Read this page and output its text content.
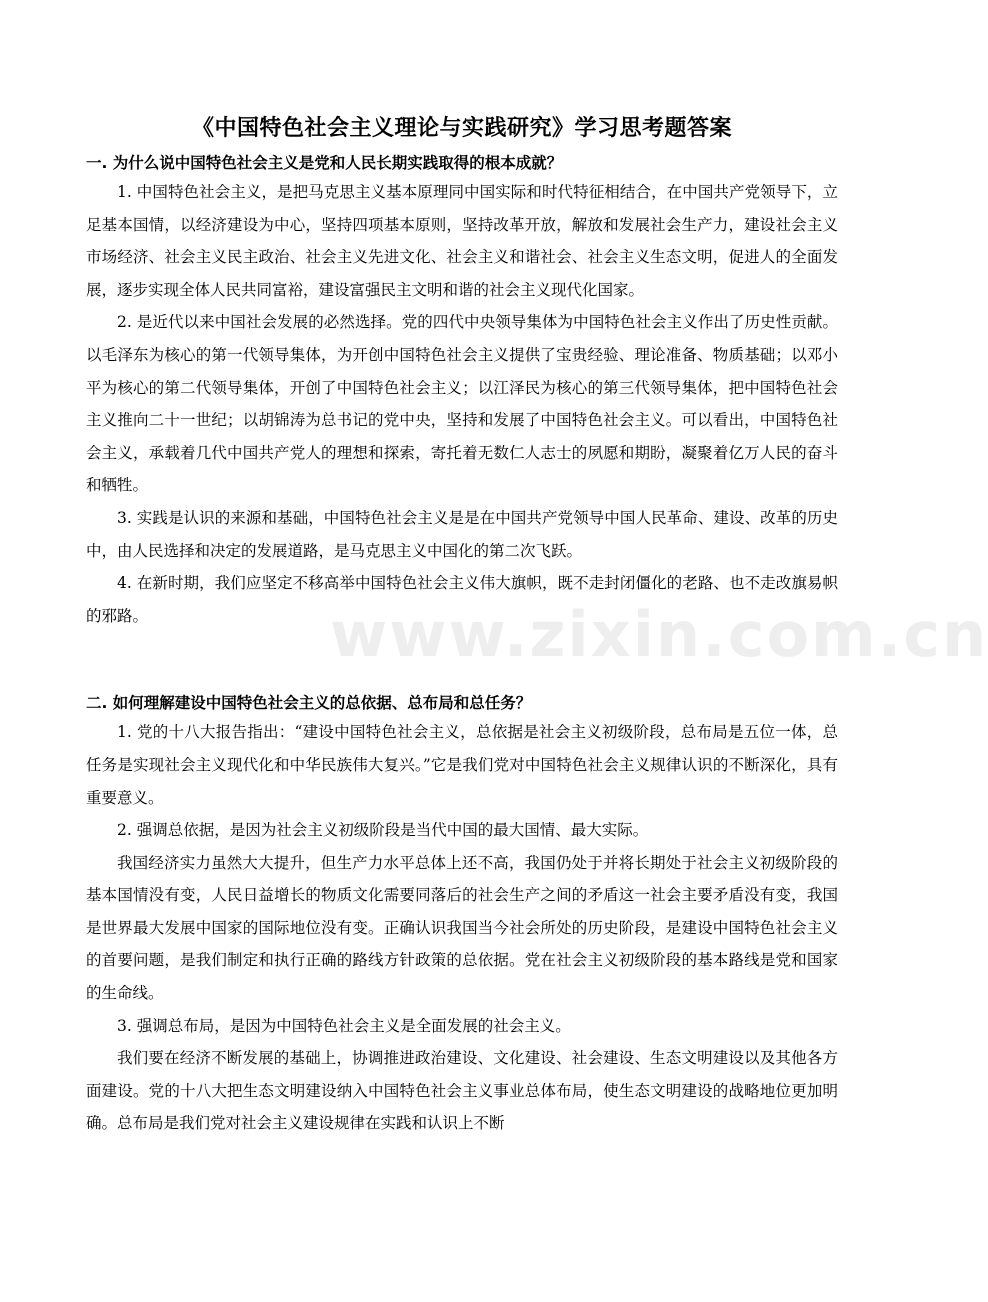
《中国特色社会主义理论与实践研究》学习思考题答案
一. 为什么说中国特色社会主义是党和人民长期实践取得的根本成就？

1. 中国特色社会主义，是把马克思主义基本原理同中国实际和时代特征相结合，在中国共产党领导下，立足基本国情，以经济建设为中心，坚持四项基本原则，坚持改革开放，解放和发展社会生产力，建设社会主义市场经济、社会主义民主政治、社会主义先进文化、社会主义和谐社会、社会主义生态文明，促进人的全面发展，逐步实现全体人民共同富裕，建设富强民主文明和谐的社会主义现代化国家。

2. 是近代以来中国社会发展的必然选择。党的四代中央领导集体为中国特色社会主义作出了历史性贡献。以毛泽东为核心的第一代领导集体，为开创中国特色社会主义提供了宝贵经验、理论准备、物质基础；以邓小平为核心的第二代领导集体，开创了中国特色社会主义；以江泽民为核心的第三代领导集体，把中国特色社会主义推向二十一世纪；以胡锦涛为总书记的党中央，坚持和发展了中国特色社会主义。可以看出，中国特色社会主义，承载着几代中国共产党人的理想和探索，寄托着无数仁人志士的夙愿和期盼，凝聚着亿万人民的奋斗和牺牲。

3. 实践是认识的来源和基础，中国特色社会主义是是在中国共产党领导中国人民革命、建设、改革的历史中，由人民选择和决定的发展道路，是马克思主义中国化的第二次飞跃。

4. 在新时期，我们应坚定不移高举中国特色社会主义伟大旗帜，既不走封闭僵化的老路、也不走改旗易帜的邪路。

二. 如何理解建设中国特色社会主义的总依据、总布局和总任务？

1. 党的十八大报告指出：“建设中国特色社会主义，总依据是社会主义初级阶段，总布局是五位一体，总任务是实现社会主义现代化和中华民族伟大复兴。”它是我们党对中国特色社会主义规律认识的不断深化，具有重要意义。

2. 强调总依据，是因为社会主义初级阶段是当代中国的最大国情、最大实际。

我国经济实力虽然大大提升，但生产力水平总体上还不高，我国仍处于并将长期处于社会主义初级阶段的基本国情没有变，人民日益增长的物质文化需要同落后的社会生产之间的矛盾这一社会主要矛盾没有变，我国是世界最大发展中国家的国际地位没有变。正确认识我国当今社会所处的历史阶段，是建设中国特色社会主义的首要问题，是我们制定和执行正确的路线方针政策的总依据。党在社会主义初级阶段的基本路线是党和国家的生命线。

3. 强调总布局，是因为中国特色社会主义是全面发展的社会主义。

我们要在经济不断发展的基础上，协调推进政治建设、文化建设、社会建设、生态文明建设以及其他各方面建设。党的十八大把生态文明建设纳入中国特色社会主义事业总体布局，使生态文明建设的战略地位更加明确。总布局是我们党对社会主义建设规律在实践和认识上不断

www.zixin.com.cn
